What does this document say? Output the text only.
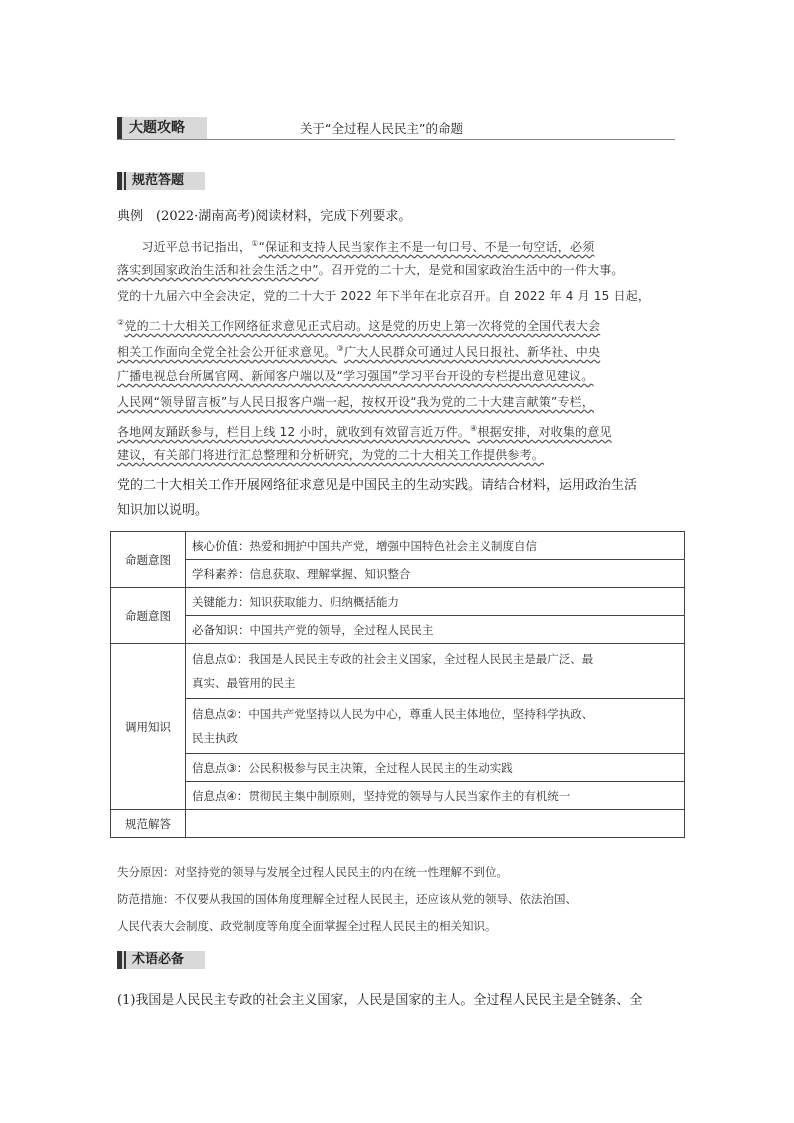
大题攻略	关于“全过程人民民主”的命题
规范答题
典例　(2022·湖南高考)阅读材料，完成下列要求。
　　习近平总书记指出，①“保证和支持人民当家作主不是一句口号、不是一句空话，必须
落实到国家政治生活和社会生活之中”。召开党的二十大，是党和国家政治生活中的一件大事。
党的十九届六中全会决定，党的二十大于 2022 年下半年在北京召开。自 2022 年 4 月 15 日起，
②党的二十大相关工作网络征求意见正式启动。这是党的历史上第一次将党的全国代表大会
相关工作面向全党全社会公开征求意见。③广大人民群众可通过人民日报社、新华社、中央
广播电视总台所属官网、新闻客户端以及“学习强国”学习平台开设的专栏提出意见建议。
人民网“领导留言板”与人民日报客户端一起，按权开设“我为党的二十大建言献策”专栏，
各地网友踊跃参与，栏目上线 12 小时，就收到有效留言近万件。④根据安排，对收集的意见
建议，有关部门将进行汇总整理和分析研究，为党的二十大相关工作提供参考。
党的二十大相关工作开展网络征求意见是中国民主的生动实践。请结合材料，运用政治生活
知识加以说明。
命题意图	核心价值：热爱和拥护中国共产党，增强中国特色社会主义制度自信
	学科素养：信息获取、理解掌握、知识整合
命题意图	关键能力：知识获取能力、归纳概括能力
	必备知识：中国共产党的领导，全过程人民民主
调用知识	信息点①：我国是人民民主专政的社会主义国家，全过程人民民主是最广泛、最
真实、最管用的民主
	信息点②：中国共产党坚持以人民为中心，尊重人民主体地位，坚持科学执政、
民主执政
	信息点③：公民积极参与民主决策，全过程人民民主的生动实践
	信息点④：贯彻民主集中制原则，坚持党的领导与人民当家作主的有机统一
规范解答	
失分原因：对坚持党的领导与发展全过程人民民主的内在统一性理解不到位。
防范措施：不仅要从我国的国体角度理解全过程人民民主，还应该从党的领导、依法治国、
人民代表大会制度、政党制度等角度全面掌握全过程人民民主的相关知识。
术语必备
(1)我国是人民民主专政的社会主义国家，人民是国家的主人。全过程人民民主是全链条、全
